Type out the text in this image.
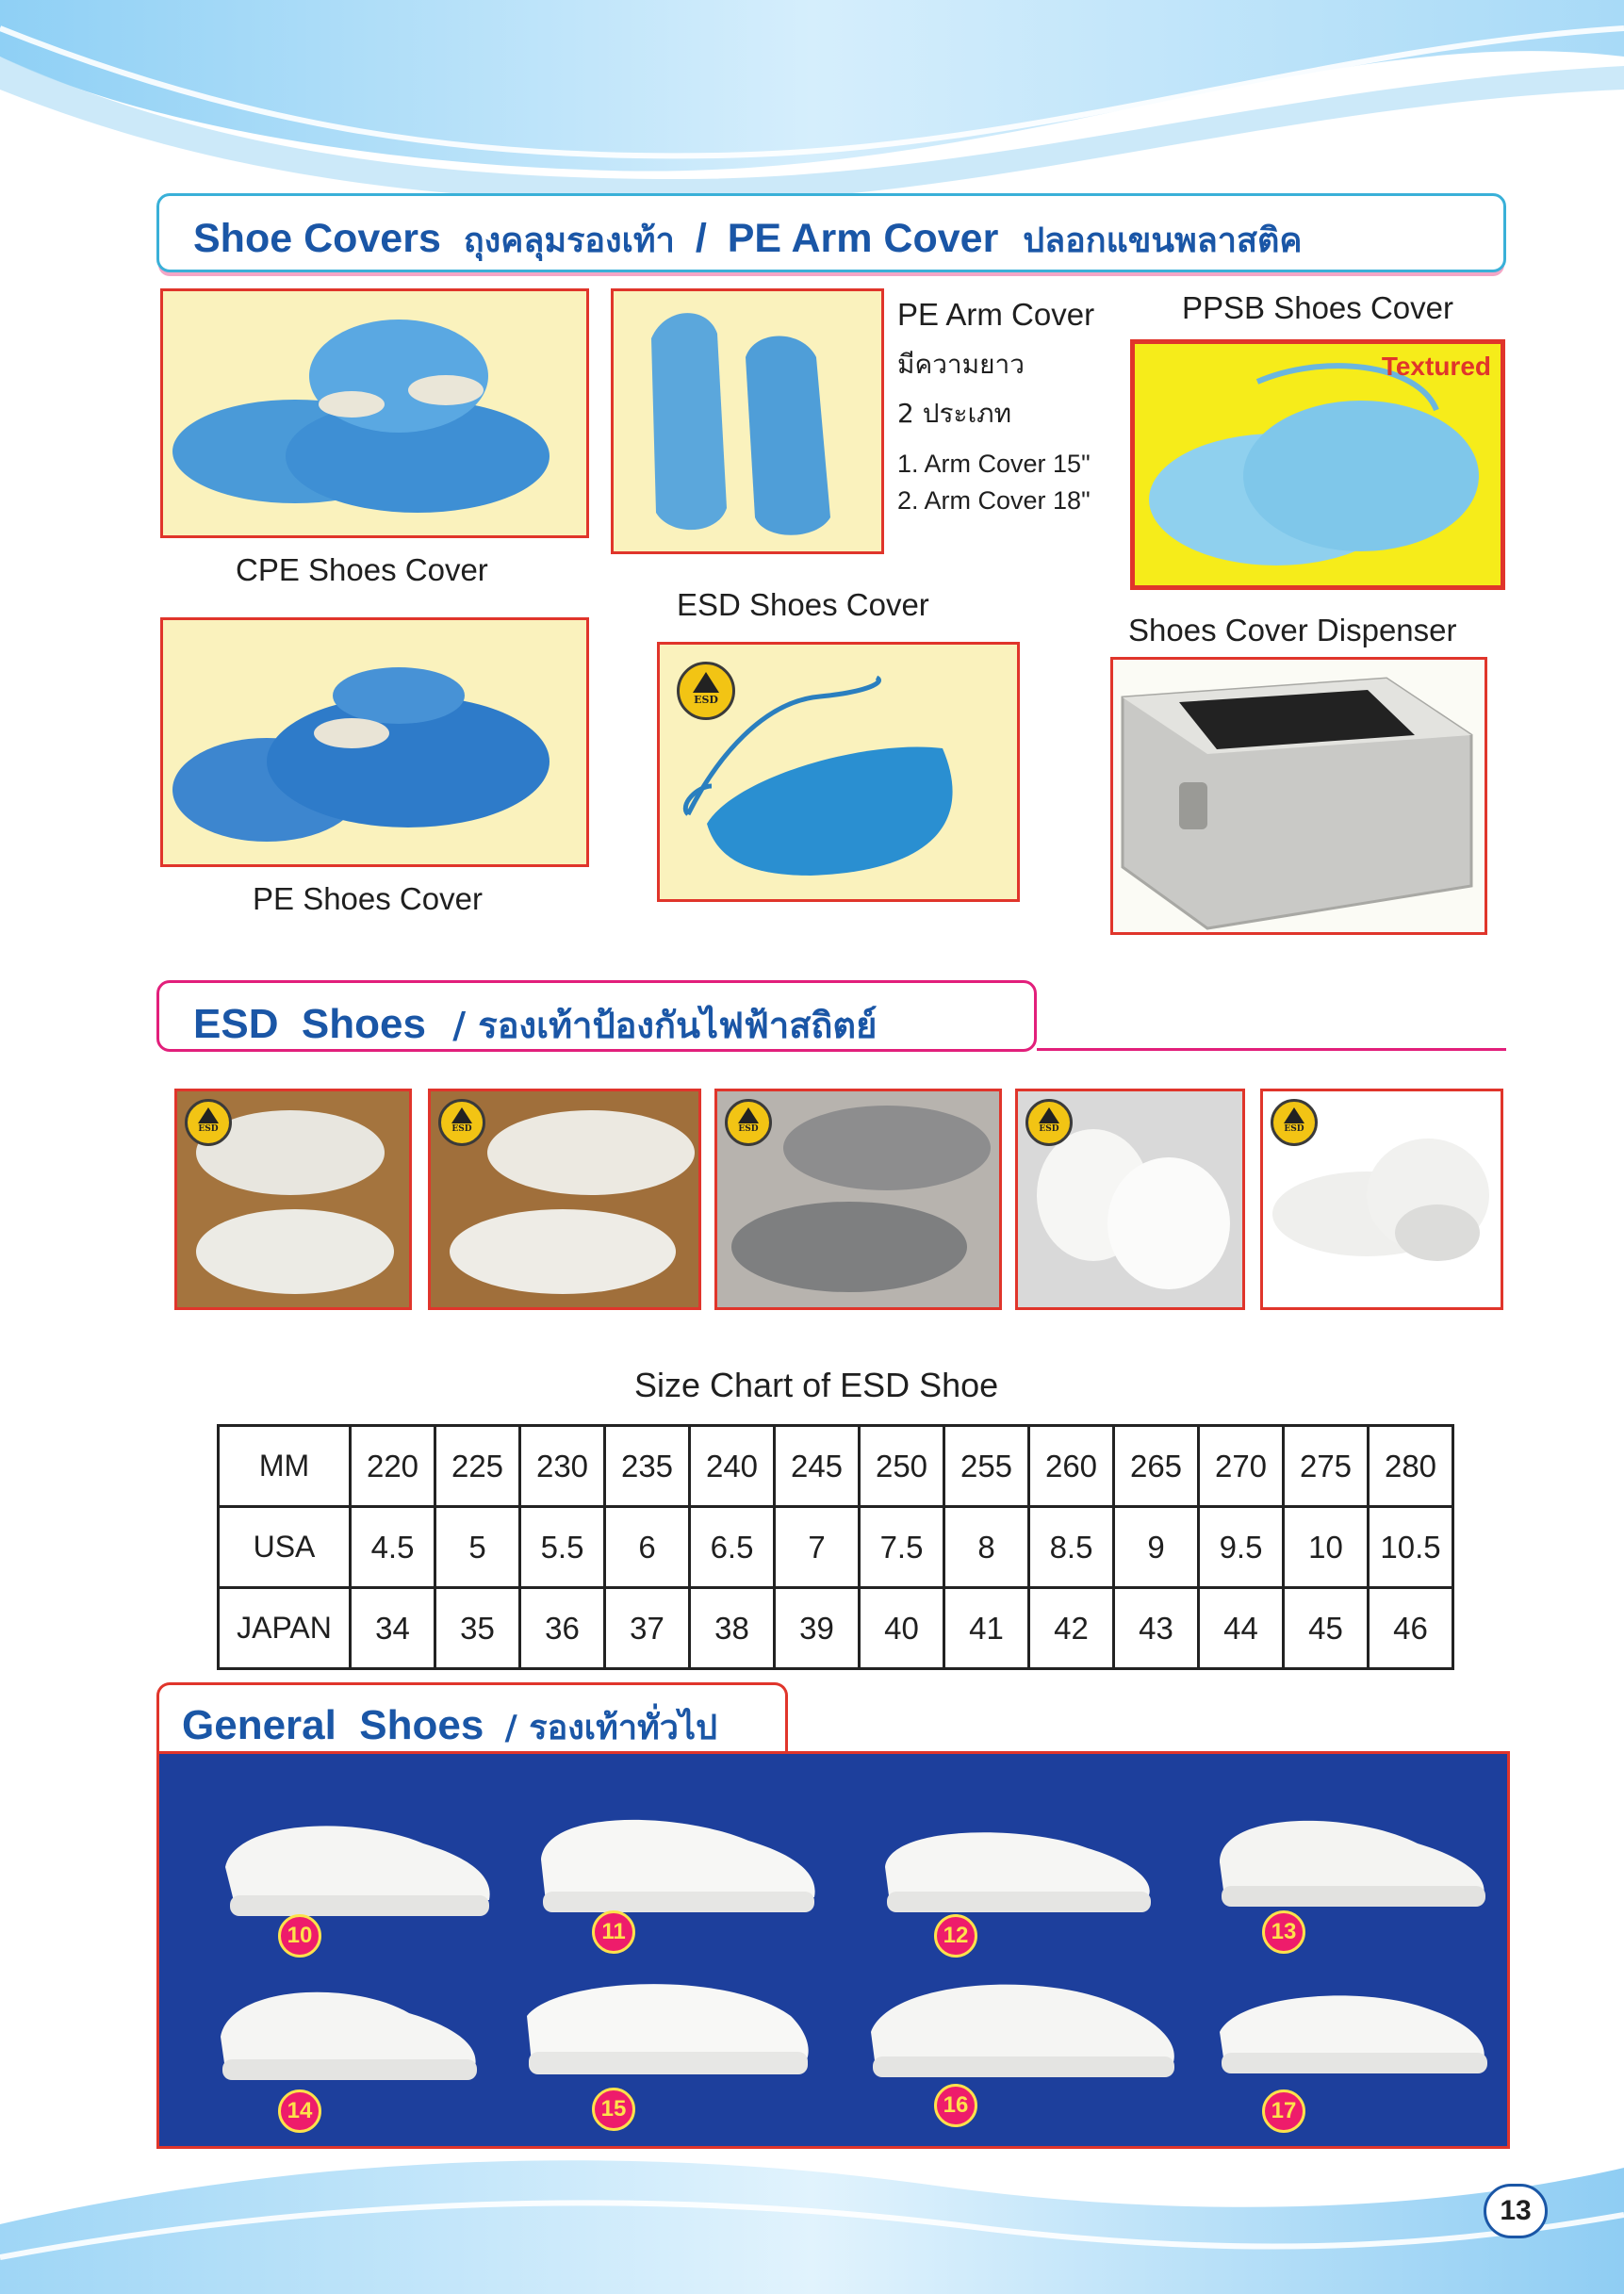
Shoe Covers ถุงคลุมรองเท้า / PE Arm Cover ปลอกแขนพลาสติค
CPE Shoes Cover
PE Arm Cover
มีความยาว
2 ประเภท
1. Arm Cover 15"
2. Arm Cover 18"
PPSB Shoes Cover
Textured
PE Shoes Cover
ESD Shoes Cover
ESD
Shoes Cover Dispenser
ESD  Shoes / รองเท้าป้องกันไฟฟ้าสถิตย์
ESD	ESD	ESD	ESD	ESD
Size Chart of ESD Shoe
MM	220	225	230	235	240	245	250	255	260	265	270	275	280
USA	4.5	5	5.5	6	6.5	7	7.5	8	8.5	9	9.5	10	10.5
JAPAN	34	35	36	37	38	39	40	41	42	43	44	45	46
General  Shoes / รองเท้าทั่วไป
10	11	12	13
14	15	16	17
13
